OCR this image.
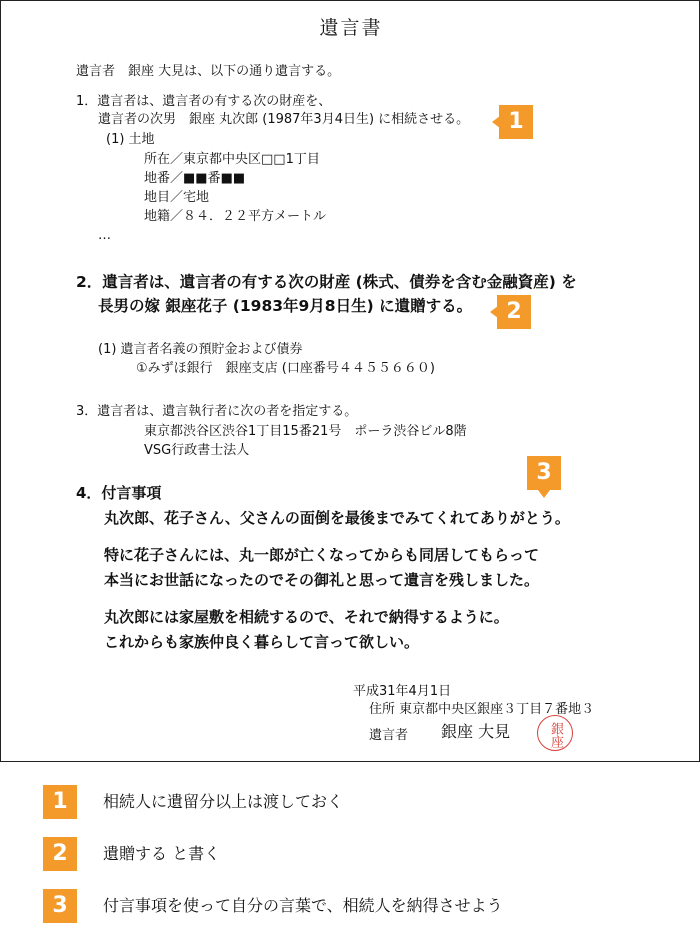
遺言書
遺言者　銀座 大見は、以下の通り遺言する。
1．遺言者は、遺言者の有する次の財産を、
遺言者の次男　銀座 丸次郎 (1987年3月4日生) に相続させる。
(1) 土地
所在／東京都中央区□□1丁目
地番／■■番■■
地目／宅地
地籍／８４．２２平方メートル
…
1
2．遺言者は、遺言者の有する次の財産 (株式、債券を含む金融資産) を
長男の嫁 銀座花子 (1983年9月8日生) に遺贈する。
(1) 遺言者名義の預貯金および債券
①みずほ銀行　銀座支店 (口座番号４４５５６６０)
2
3．遺言者は、遺言執行者に次の者を指定する。
東京都渋谷区渋谷1丁目15番21号　ポーラ渋谷ビル8階
VSG行政書士法人
4．付言事項
丸次郎、花子さん、父さんの面倒を最後までみてくれてありがとう。
特に花子さんには、丸一郎が亡くなってからも同居してもらって
本当にお世話になったのでその御礼と思って遺言を残しました。
丸次郎には家屋敷を相続するので、それで納得するように。
これからも家族仲良く暮らして言って欲しい。
3
平成31年4月1日
住所 東京都中央区銀座３丁目７番地３
遺言者 銀座 大見	銀座
1	相続人に遺留分以上は渡しておく
2	遺贈する と書く
3	付言事項を使って自分の言葉で、相続人を納得させよう
